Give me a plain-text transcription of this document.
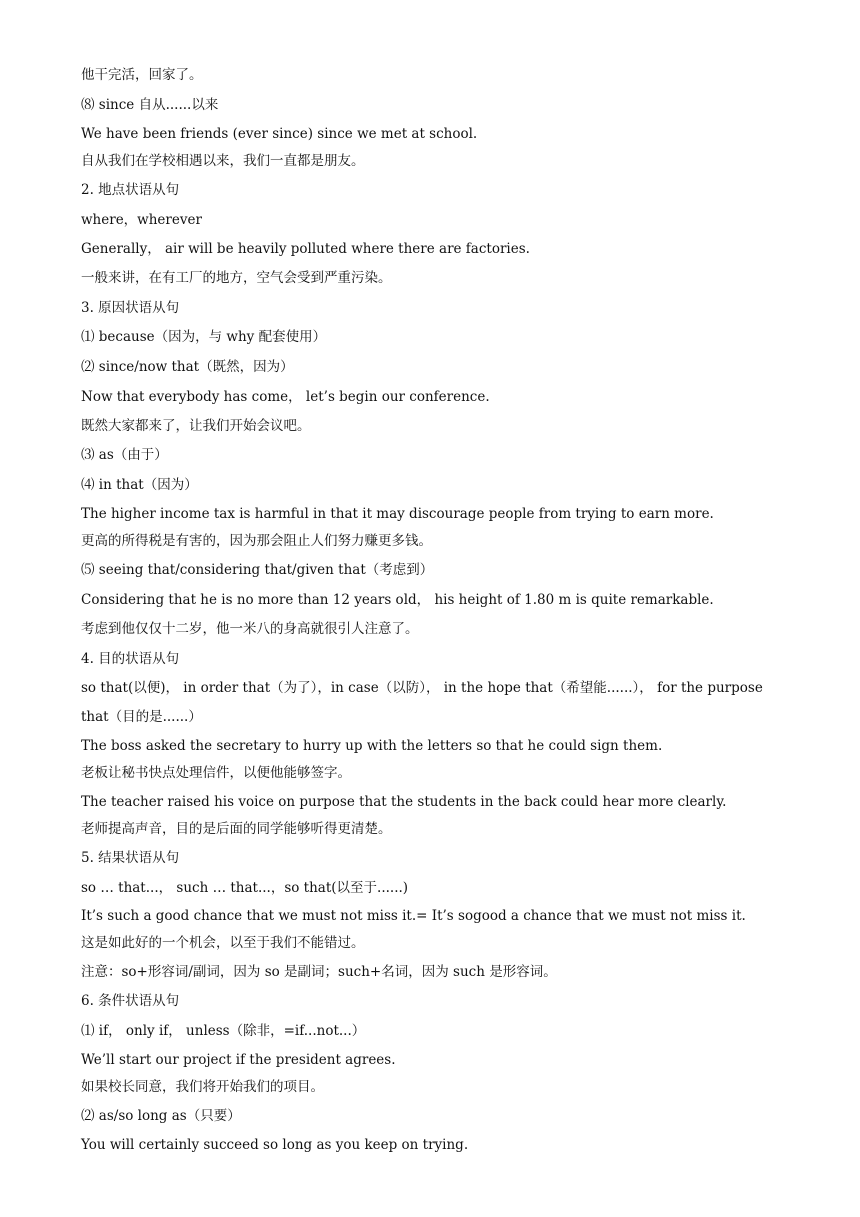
他干完活，回家了。
⑻ since 自从......以来
We have been friends (ever since) since we met at school.
自从我们在学校相遇以来，我们一直都是朋友。
2. 地点状语从句
where，wherever
Generally， air will be heavily polluted where there are factories.
一般来讲，在有工厂的地方，空气会受到严重污染。
3. 原因状语从句
⑴ because（因为，与 why 配套使用）
⑵ since/now that（既然，因为）
Now that everybody has come， let’s begin our conference.
既然大家都来了，让我们开始会议吧。
⑶ as（由于）
⑷ in that（因为）
The higher income tax is harmful in that it may discourage people from trying to earn more.
更高的所得税是有害的，因为那会阻止人们努力赚更多钱。
⑸ seeing that/considering that/given that（考虑到）
Considering that he is no more than 12 years old， his height of 1.80 m is quite remarkable.
考虑到他仅仅十二岁，他一米八的身高就很引人注意了。
4. 目的状语从句
so that(以便)， in order that（为了），in case（以防）， in the hope that（希望能......）， for the purpose that（目的是......）
The boss asked the secretary to hurry up with the letters so that he could sign them.
老板让秘书快点处理信件，以便他能够签字。
The teacher raised his voice on purpose that the students in the back could hear more clearly.
老师提高声音，目的是后面的同学能够听得更清楚。
5. 结果状语从句
so … that...， such … that...，so that(以至于......)
It’s such a good chance that we must not miss it.= It’s sogood a chance that we must not miss it.
这是如此好的一个机会，以至于我们不能错过。
注意：so+形容词/副词，因为 so 是副词；such+名词，因为 such 是形容词。
6. 条件状语从句
⑴ if， only if， unless（除非，=if...not...）
We’ll start our project if the president agrees.
如果校长同意，我们将开始我们的项目。
⑵ as/so long as（只要）
You will certainly succeed so long as you keep on trying.
